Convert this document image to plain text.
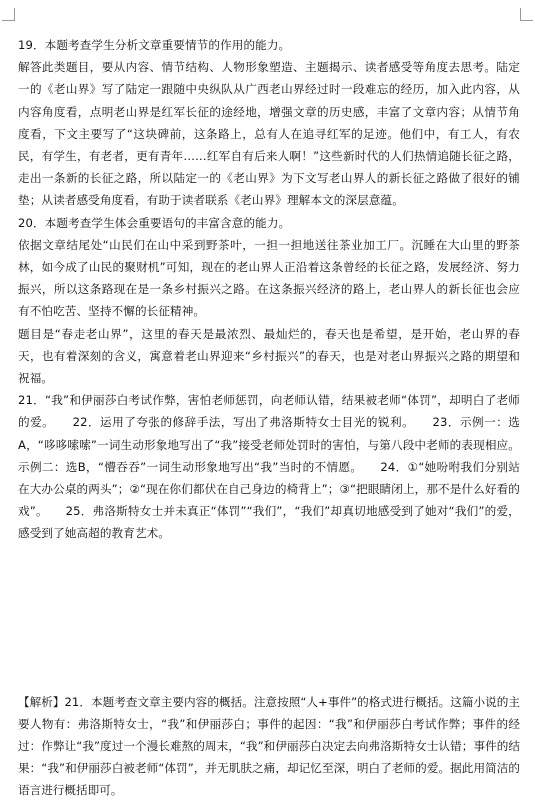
19．本题考查学生分析文章重要情节的作用的能力。

解答此类题目，要从内容、情节结构、人物形象塑造、主题揭示、读者感受等角度去思考。陆定一的《老山界》写了陆定一跟随中央纵队从广西老山界经过时一段难忘的经历，加入此内容，从内容角度看，点明老山界是红军长征的途经地，增强文章的历史感，丰富了文章内容；从情节角度看，下文主要写了“这块碑前，这条路上，总有人在追寻红军的足迹。他们中，有工人，有农民，有学生，有老者，更有青年……红军自有后来人啊！”这些新时代的人们热情追随长征之路，走出一条新的长征之路，所以陆定一的《老山界》为下文写老山界人的新长征之路做了很好的铺垫；从读者感受角度看，有助于读者联系《老山界》理解本文的深层意蕴。

20．本题考查学生体会重要语句的丰富含意的能力。

依据文章结尾处“山民们在山中采到野茶叶，一担一担地送往茶业加工厂。沉睡在大山里的野茶林，如今成了山民的聚财机”可知，现在的老山界人正沿着这条曾经的长征之路，发展经济、努力振兴，所以这条路现在是一条乡村振兴之路。在这条振兴经济的路上，老山界人的新长征也会应有不怕吃苦、坚持不懈的长征精神。

题目是“春走老山界”，这里的春天是最浓烈、最灿烂的，春天也是希望，是开始，老山界的春天，也有着深刻的含义，寓意着老山界迎来“乡村振兴”的春天，也是对老山界振兴之路的期望和祝福。

21．“我”和伊丽莎白考试作弊，害怕老师惩罚，向老师认错，结果被老师“体罚”，却明白了老师的爱。　　22．运用了夸张的修辞手法，写出了弗洛斯特女士目光的锐利。　　23．示例一：选A，“哆哆嗦嗦”一词生动形象地写出了“我”接受老师处罚时的害怕，与第八段中老师的表现相应。示例二：选B，“懵吞吞”一词生动形象地写出“我”当时的不情愿。　　24．①“她吩咐我们分别站在大办公桌的两头”；②“现在你们都伏在自己身边的椅背上”；③“把眼睛闭上，那不是什么好看的戏”。　　25．弗洛斯特女士并未真正“体罚”“我们”，“我们”却真切地感受到了她对“我们”的爱，感受到了她高超的教育艺术。

【解析】21．本题考查文章主要内容的概括。注意按照“人+事件”的格式进行概括。这篇小说的主要人物有：弗洛斯特女士，“我”和伊丽莎白；事件的起因：“我”和伊丽莎白考试作弊；事件的经过：作弊让“我”度过一个漫长难熬的周末，“我”和伊丽莎白决定去向弗洛斯特女士认错；事件的结果：“我”和伊丽莎白被老师“体罚”，并无肌肤之痛，却记忆至深，明白了老师的爱。据此用简洁的语言进行概括即可。
